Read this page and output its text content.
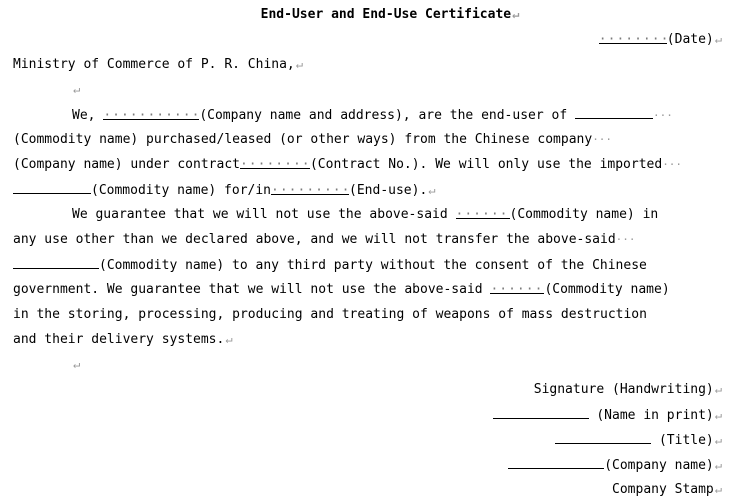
End-User and End-Use Certificate↵
········(Date)↵
Ministry of Commerce of P. R. China,↵
↵
We, ···········(Company name and address), are the end-user of	···
(Commodity name) purchased/leased (or other ways) from the Chinese company···
(Company name) under contract········(Contract No.). We will only use the imported···
(Commodity name) for/in·········(End-use).↵
We guarantee that we will not use the above-said ······(Commodity name) in
any use other than we declared above, and we will not transfer the above-said···
(Commodity name) to any third party without the consent of the Chinese
government. We guarantee that we will not use the above-said ······(Commodity name)
in the storing, processing, producing and treating of weapons of mass destruction
and their delivery systems.↵
↵
Signature (Handwriting)↵
(Name in print)↵
(Title)↵
(Company name)↵
Company Stamp↵
